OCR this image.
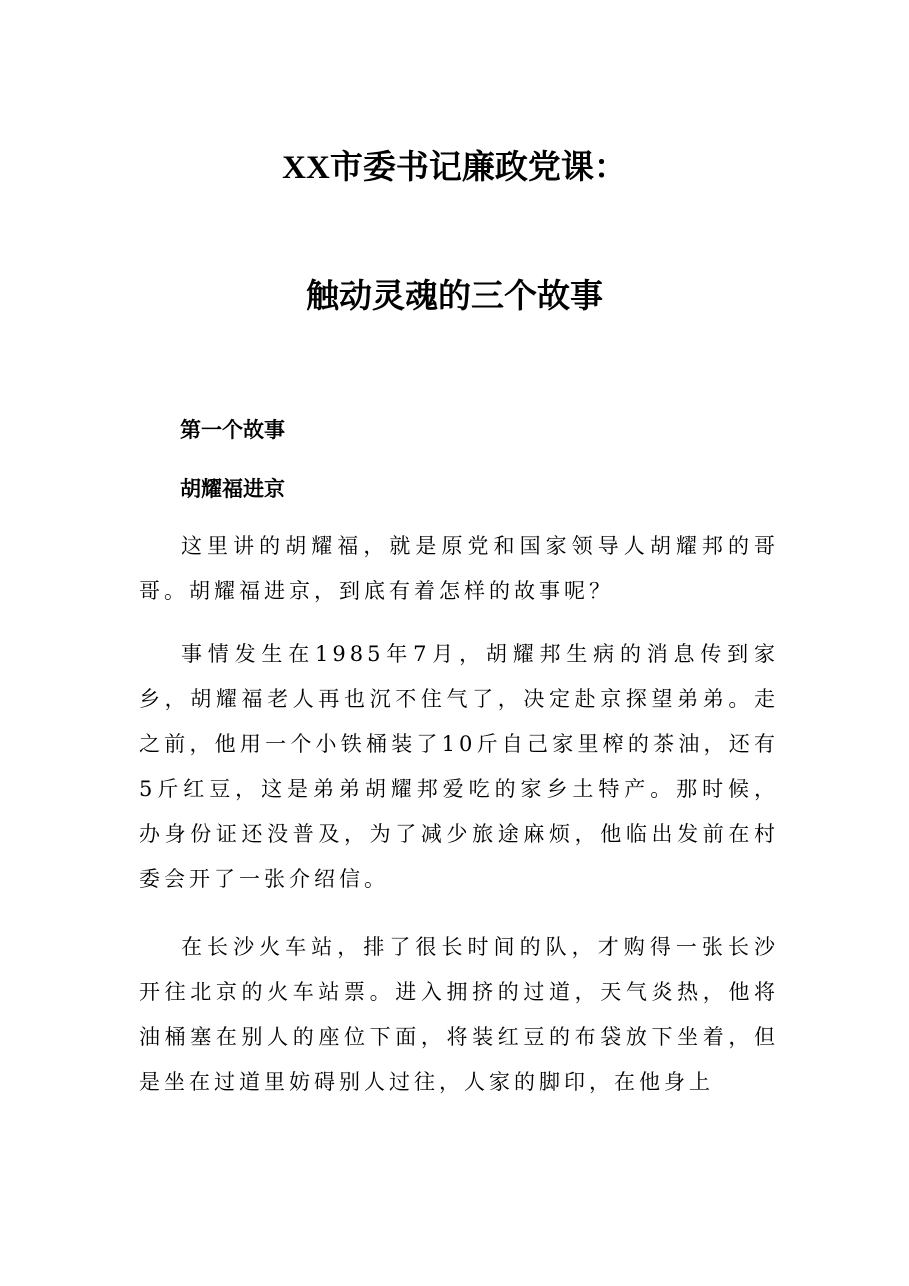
XX市委书记廉政党课：
触动灵魂的三个故事
第一个故事
胡耀福进京

这里讲的胡耀福，就是原党和国家领导人胡耀邦的哥哥。胡耀福进京，到底有着怎样的故事呢？

事情发生在1985年7月，胡耀邦生病的消息传到家乡，胡耀福老人再也沉不住气了，决定赴京探望弟弟。走之前，他用一个小铁桶装了10斤自己家里榨的茶油，还有5斤红豆，这是弟弟胡耀邦爱吃的家乡土特产。那时候，办身份证还没普及，为了减少旅途麻烦，他临出发前在村委会开了一张介绍信。

在长沙火车站，排了很长时间的队，才购得一张长沙开往北京的火车站票。进入拥挤的过道，天气炎热，他将油桶塞在别人的座位下面，将装红豆的布袋放下坐着，但是坐在过道里妨碍别人过往，人家的脚印，在他身上
